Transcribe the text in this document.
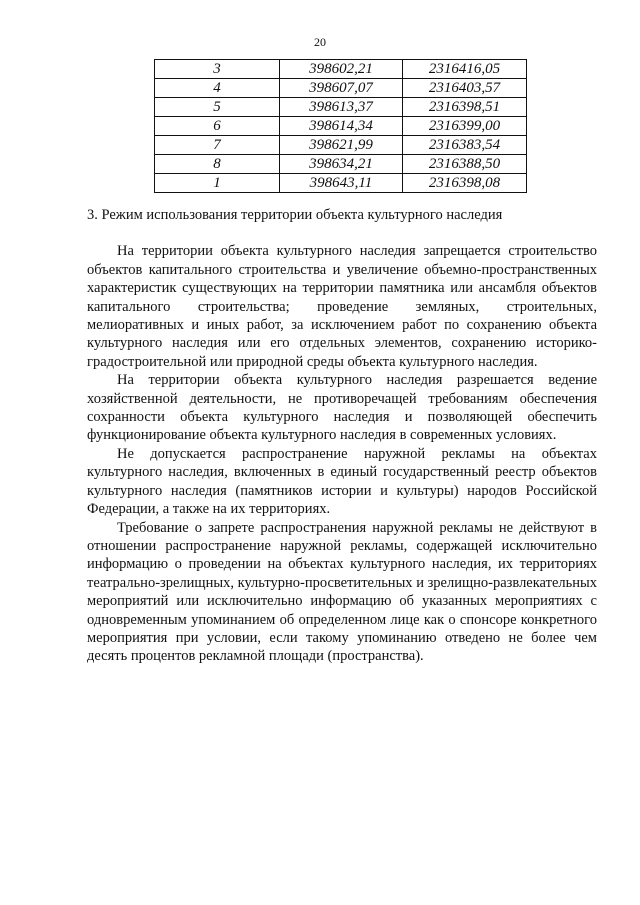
20
3	398602,21	2316416,05
4	398607,07	2316403,57
5	398613,37	2316398,51
6	398614,34	2316399,00
7	398621,99	2316383,54
8	398634,21	2316388,50
1	398643,11	2316398,08
3. Режим использования территории объекта культурного наследия

На территории объекта культурного наследия запрещается строительство объектов капитального строительства и увеличение объемно-пространственных характеристик существующих на территории памятника или ансамбля объектов капитального строительства; проведение земляных, строительных, мелиоративных и иных работ, за исключением работ по сохранению объекта культурного наследия или его отдельных элементов, сохранению историко-градостроительной или природной среды объекта культурного наследия.

На территории объекта культурного наследия разрешается ведение хозяйственной деятельности, не противоречащей требованиям обеспечения сохранности объекта культурного наследия и позволяющей обеспечить функционирование объекта культурного наследия в современных условиях.

Не допускается распространение наружной рекламы на объектах культурного наследия, включенных в единый государственный реестр объектов культурного наследия (памятников истории и культуры) народов Российской Федерации, а также на их территориях.

Требование о запрете распространения наружной рекламы не действуют в отношении распространение наружной рекламы, содержащей исключительно информацию о проведении на объектах культурного наследия, их территориях театрально-зрелищных, культурно-просветительных и зрелищно-развлекательных мероприятий или исключительно информацию об указанных мероприятиях с одновременным упоминанием об определенном лице как о спонсоре конкретного мероприятия при условии, если такому упоминанию отведено не более чем десять процентов рекламной площади (пространства).
